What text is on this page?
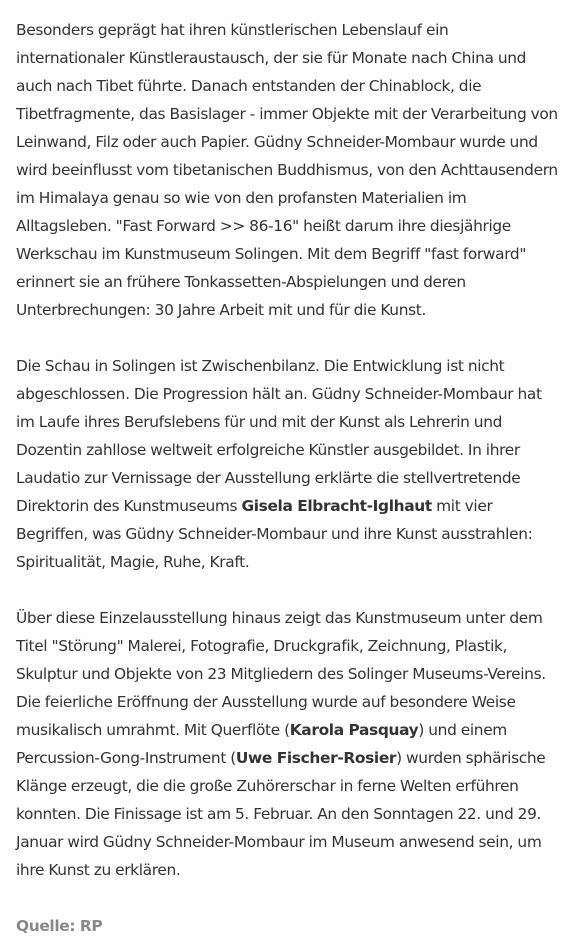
Besonders geprägt hat ihren künstlerischen Lebenslauf ein internationaler Künstleraustausch, der sie für Monate nach China und auch nach Tibet führte. Danach entstanden der Chinablock, die Tibetfragmente, das Basislager - immer Objekte mit der Verarbeitung von Leinwand, Filz oder auch Papier. Güdny Schneider-Mombaur wurde und wird beeinflusst vom tibetanischen Buddhismus, von den Achttausendern im Himalaya genau so wie von den profansten Materialien im Alltagsleben. "Fast Forward >> 86-16" heißt darum ihre diesjährige Werkschau im Kunstmuseum Solingen. Mit dem Begriff "fast forward" erinnert sie an frühere Tonkassetten-Abspielungen und deren Unterbrechungen: 30 Jahre Arbeit mit und für die Kunst.

Die Schau in Solingen ist Zwischenbilanz. Die Entwicklung ist nicht abgeschlossen. Die Progression hält an. Güdny Schneider-Mombaur hat im Laufe ihres Berufslebens für und mit der Kunst als Lehrerin und Dozentin zahllose weltweit erfolgreiche Künstler ausgebildet. In ihrer Laudatio zur Vernissage der Ausstellung erklärte die stellvertretende Direktorin des Kunstmuseums Gisela Elbracht-Iglhaut mit vier Begriffen, was Güdny Schneider-Mombaur und ihre Kunst ausstrahlen: Spiritualität, Magie, Ruhe, Kraft.

Über diese Einzelausstellung hinaus zeigt das Kunstmuseum unter dem Titel "Störung" Malerei, Fotografie, Druckgrafik, Zeichnung, Plastik, Skulptur und Objekte von 23 Mitgliedern des Solinger Museums-Vereins. Die feierliche Eröffnung der Ausstellung wurde auf besondere Weise musikalisch umrahmt. Mit Querflöte (Karola Pasquay) und einem Percussion-Gong-Instrument (Uwe Fischer-Rosier) wurden sphärische Klänge erzeugt, die die große Zuhörerschar in ferne Welten erführen konnten. Die Finissage ist am 5. Februar. An den Sonntagen 22. und 29. Januar wird Güdny Schneider-Mombaur im Museum anwesend sein, um ihre Kunst zu erklären.

Quelle: RP
